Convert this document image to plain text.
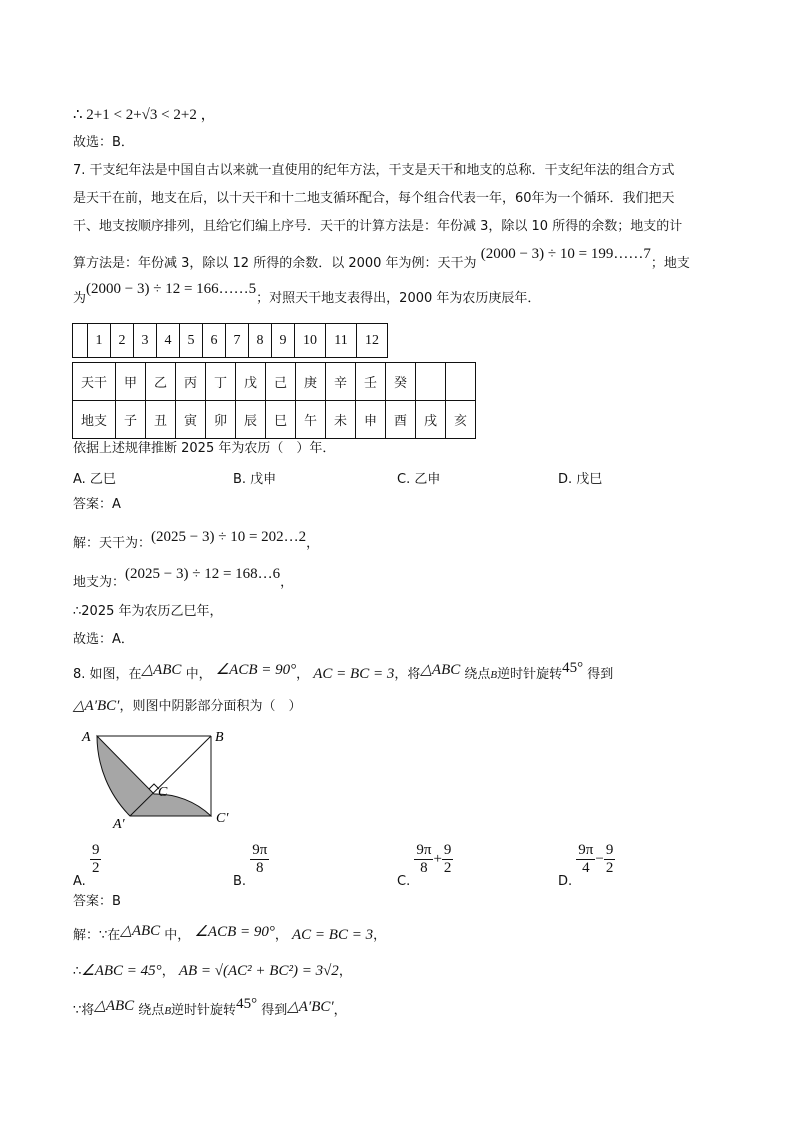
∴ 2+1 < 2+√3 < 2+2 ，
故选：B．
7. 干支纪年法是中国自古以来就一直使用的纪年方法，干支是天干和地支的总称．干支纪年法的组合方式
是天干在前，地支在后，以十天干和十二地支循环配合，每个组合代表一年，60年为一个循环．我们把天
干、地支按顺序排列，且给它们编上序号．天干的计算方法是：年份减 3，除以 10 所得的余数；地支的计
算方法是：年份减 3，除以 12 所得的余数．以 2000 年为例：天干为 (2000 − 3) ÷ 10 = 199……7；地支
为(2000 − 3) ÷ 12 = 166……5；对照天干地支表得出，2000 年为农历庚辰年．
	1	2	3	4	5	6	7	8	9	10	11	12
天干	甲	乙	丙	丁	戊	己	庚	辛	壬	癸		
地支	子	丑	寅	卯	辰	巳	午	未	申	酉	戌	亥
依据上述规律推断 2025 年为农历（　）年．
A. 乙巳	B. 戊申	C. 乙申	D. 戊巳
答案：A
解：天干为：(2025 − 3) ÷ 10 = 202…2，
地支为：(2025 − 3) ÷ 12 = 168…6，
∴2025 年为农历乙巳年，
故选：A．
8. 如图，在△ABC 中， ∠ACB = 90°， AC = BC = 3，将△ABC 绕点B逆时针旋转45° 得到
△A′BC′，则图中阴影部分面积为（　）
A	B
C
A′	C′
A.
$\frac{9}{2}$
B.
$\frac{9\pi}{8}$
C.
$\frac{9\pi}{8} + \frac{9}{2}$
D.
$\frac{9\pi}{4} - \frac{9}{2}$
答案：B
解：∵在△ABC 中， ∠ACB = 90°， AC = BC = 3，
∴∠ABC = 45°， AB = √(AC² + BC²) = 3√2，
∵将△ABC 绕点B逆时针旋转45° 得到△A′BC′，
